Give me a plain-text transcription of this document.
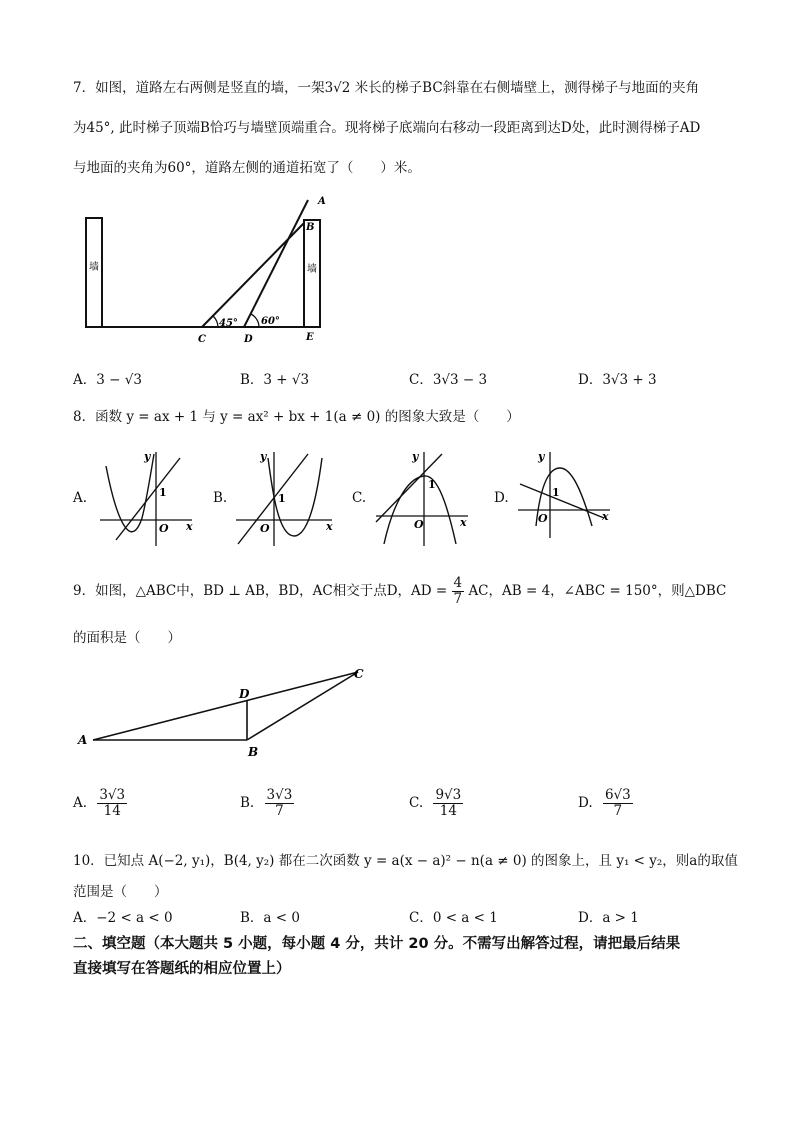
7．如图，道路左右两侧是竖直的墙，一架3√2 米长的梯子BC斜靠在右侧墙壁上，测得梯子与地面的夹角
为45°, 此时梯子顶端B恰巧与墙壁顶端重合。现将梯子底端向右移动一段距离到达D处，此时测得梯子AD
与地面的夹角为60°，道路左侧的通道拓宽了（　　）米。
墙	墙
45° 60°
A
B
C	D	E
A．3 − √3	B．3 + √3	C．3√3 − 3	D．3√3 + 3
8．函数 y = ax + 1 与 y = ax² + bx + 1(a ≠ 0) 的图象大致是（　　）
A.
y
x
O
1	B.
y
x
O
1	C.
y
x
O
1
D.
y
x
O
1
9．如图，△ABC中，BD ⊥ AB，BD，AC相交于点D，AD = $\frac{4}{7}$ AC，AB = 4，∠ABC = 150°，则△DBC
的面积是（　　）
A
B
C
D
A. $\frac{3√3}{14}$	B. $\frac{3√3}{7}$	C. $\frac{9√3}{14}$	D. $\frac{6√3}{7}$
10．已知点 A(−2, y₁)，B(4, y₂) 都在二次函数 y = a(x − a)² − n(a ≠ 0) 的图象上，且 y₁ < y₂，则a的取值
范围是（　　）
A．−2 < a < 0	B．a < 0	C．0 < a < 1	D．a > 1
二、填空题（本大题共 5 小题，每小题 4 分，共计 20 分。不需写出解答过程，请把最后结果
直接填写在答题纸的相应位置上）
